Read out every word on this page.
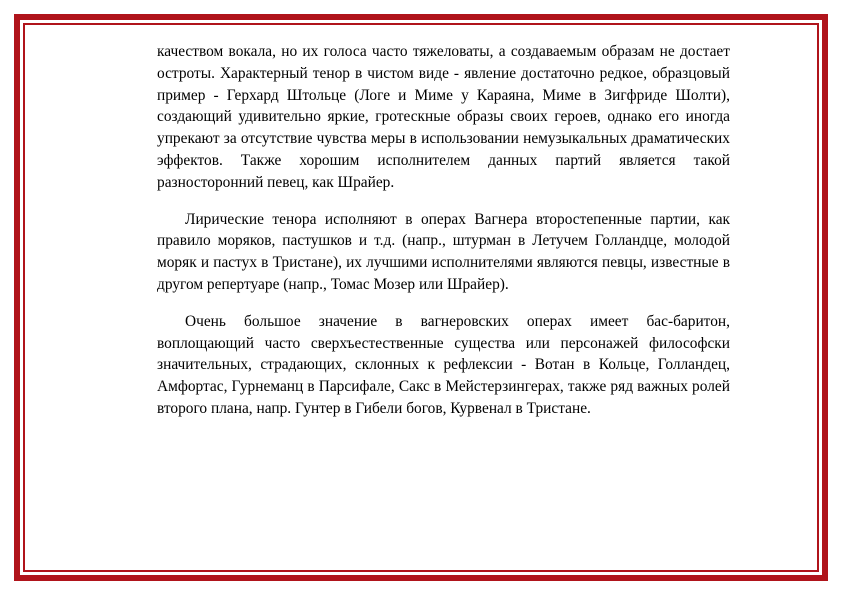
качеством вокала, но их голоса часто тяжеловаты, а создаваемым образам не достает остроты. Характерный тенор в чистом виде - явление достаточно редкое, образцовый пример - Герхард Штольце (Логе и Миме у Караяна, Миме в Зигфриде Шолти), создающий удивительно яркие, гротескные образы своих героев, однако его иногда упрекают за отсутствие чувства меры в использовании немузыкальных драматических эффектов. Также хорошим исполнителем данных партий является такой разносторонний певец, как Шрайер.

Лирические тенора исполняют в операх Вагнера второстепенные партии, как правило моряков, пастушков и т.д. (напр., штурман в Летучем Голландце, молодой моряк и пастух в Тристане), их лучшими исполнителями являются певцы, известные в другом репертуаре (напр., Томас Мозер или Шрайер).

Очень большое значение в вагнеровских операх имеет бас-баритон, воплощающий часто сверхъестественные существа или персонажей философски значительных, страдающих, склонных к рефлексии - Вотан в Кольце, Голландец, Амфортас, Гурнеманц в Парсифале, Сакс в Мейстерзингерах, также ряд важных ролей второго плана, напр. Гунтер в Гибели богов, Курвенал в Тристане.
